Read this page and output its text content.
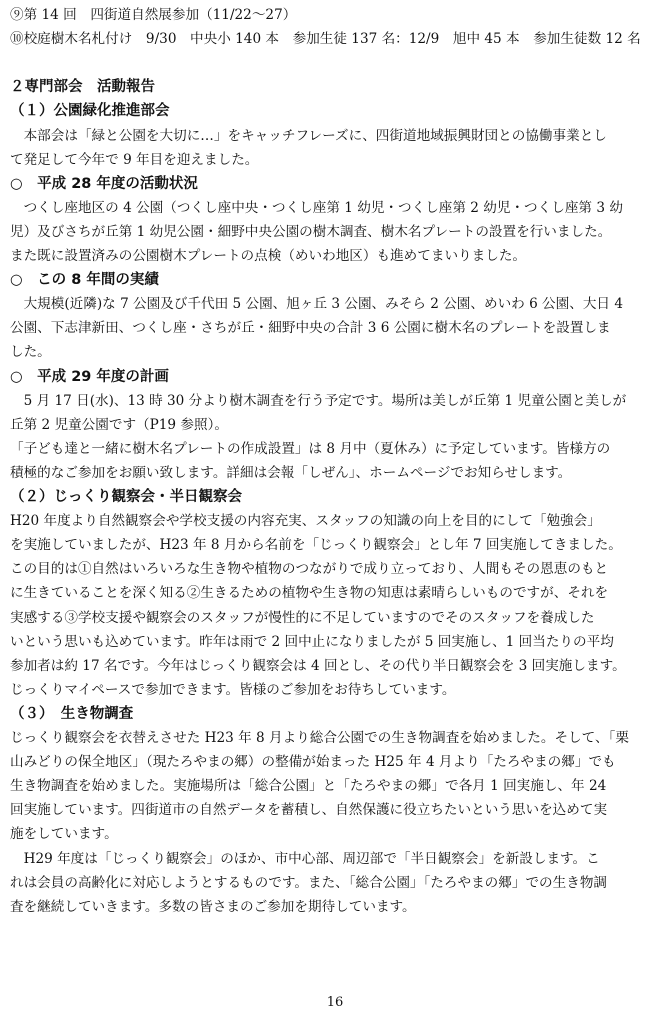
⑨第 14 回　四街道自然展参加（11/22〜27）
⑩校庭樹木名札付け　9/30　中央小 140 本　参加生徒 137 名：12/9　旭中 45 本　参加生徒数 12 名
２専門部会　活動報告
（１）公園緑化推進部会
　本部会は「緑と公園を大切に…」をキャッチフレーズに、四街道地域振興財団との協働事業とし
て発足して今年で 9 年目を迎えました。
○　平成 28 年度の活動状況
　つくし座地区の 4 公園（つくし座中央・つくし座第 1 幼児・つくし座第 2 幼児・つくし座第 3 幼
児）及びさちが丘第 1 幼児公園・細野中央公園の樹木調査、樹木名プレートの設置を行いました。
また既に設置済みの公園樹木プレートの点検（めいわ地区）も進めてまいりました。
○　この 8 年間の実績
　大規模(近隣)な 7 公園及び千代田 5 公園、旭ヶ丘 3 公園、みそら 2 公園、めいわ 6 公園、大日 4
公園、下志津新田、つくし座・さちが丘・細野中央の合計 3 6 公園に樹木名のプレートを設置しま
した。
○　平成 29 年度の計画
　5 月 17 日(水)、13 時 30 分より樹木調査を行う予定です。場所は美しが丘第 1 児童公園と美しが
丘第 2 児童公園です（P19 参照）。
「子ども達と一緒に樹木名プレートの作成設置」は 8 月中（夏休み）に予定しています。皆様方の
積極的なご参加をお願い致します。詳細は会報「しぜん」、ホームページでお知らせします。
（２）じっくり観察会・半日観察会
H20 年度より自然観察会や学校支援の内容充実、スタッフの知識の向上を目的にして「勉強会」
を実施していましたが、H23 年 8 月から名前を「じっくり観察会」とし年 7 回実施してきました。
この目的は①自然はいろいろな生き物や植物のつながりで成り立っており、人間もその恩恵のもと
に生きていることを深く知る②生きるための植物や生き物の知恵は素晴らしいものですが、それを
実感する③学校支援や観察会のスタッフが慢性的に不足していますのでそのスタッフを養成した
いという思いも込めています。昨年は雨で 2 回中止になりましたが 5 回実施し、1 回当たりの平均
参加者は約 17 名です。今年はじっくり観察会は 4 回とし、その代り半日観察会を 3 回実施します。
じっくりマイペースで参加できます。皆様のご参加をお待ちしています。
（３）　生き物調査
じっくり観察会を衣替えさせた H23 年 8 月より総合公園での生き物調査を始めました。そして、「栗
山みどりの保全地区」（現たろやまの郷）の整備が始まった H25 年 4 月より「たろやまの郷」でも
生き物調査を始めました。実施場所は「総合公園」と「たろやまの郷」で各月 1 回実施し、年 24
回実施しています。四街道市の自然データを蓄積し、自然保護に役立ちたいという思いを込めて実
施をしています。
　H29 年度は「じっくり観察会」のほか、市中心部、周辺部で「半日観察会」を新設します。こ
れは会員の高齢化に対応しようとするものです。また、「総合公園」「たろやまの郷」での生き物調
査を継続していきます。多数の皆さまのご参加を期待しています。
16
